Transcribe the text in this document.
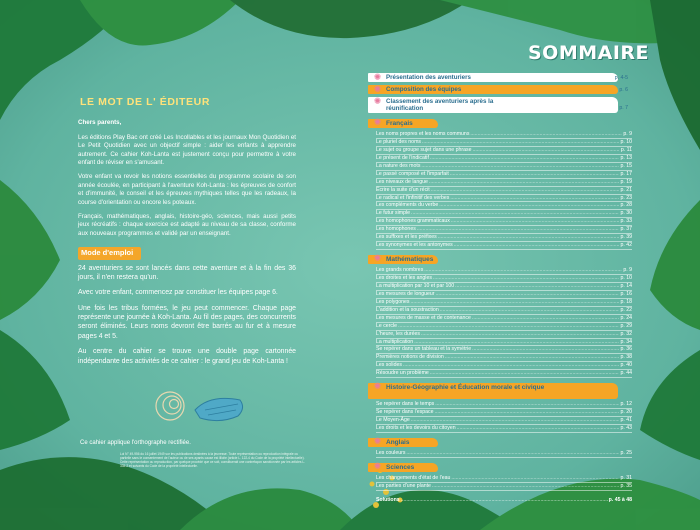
LE MOT DE L' ÉDITEUR

Chers parents,

Les éditions Play Bac ont créé Les Incollables et les journaux Mon Quotidien et Le Petit Quotidien avec un objectif simple : aider les enfants à apprendre autrement. Ce cahier Koh-Lanta est justement conçu pour permettre à votre enfant de réviser en s'amusant.

Votre enfant va revoir les notions essentielles du programme scolaire de son année écoulée, en participant à l'aventure Koh-Lanta : les épreuves de confort et d'immunité, le conseil et les épreuves mythiques telles que les radeaux, la course d'orientation ou encore les poteaux.

Français, mathématiques, anglais, histoire-géo, sciences, mais aussi petits jeux récréatifs : chaque exercice est adapté au niveau de sa classe, conforme aux nouveaux programmes et validé par un enseignant.

Mode d'emploi

24 aventuriers se sont lancés dans cette aventure et à la fin des 36 jours, il n'en restera qu'un.

Avec votre enfant, commencez par constituer les équipes page 6.

Une fois les tribus formées, le jeu peut commencer. Chaque page représente une journée à Koh-Lanta. Au fil des pages, des concurrents seront éliminés. Leurs noms devront être barrés au fur et à mesure pages 4 et 5.

Au centre du cahier se trouve une double page cartonnée indépendante des activités de ce cahier : le grand jeu de Koh-Lanta !

Ce cahier applique l'orthographe rectifiée.
Loi N° 49-956 du 16 juillet 1949 sur les publications destinées à la jeunesse. Toute représentation ou reproduction intégrale ou partielle sans le consentement de l'auteur ou de ses ayants cause est illicite (article L. 122-4 du Code de la propriété intellectuelle). Cette représentation ou reproduction, par quelque procédé que ce soit, constituerait une contrefaçon sanctionnée par les articles L. 335-2 et suivants du Code de la propriété intellectuelle.
SOMMAIRE
✺ Présentation des aventuriers	p. 4-5
✺ Composition des équipes	p. 6
✺ Classement des aventuriers après la réunification	p. 7
✺ Français
Les noms propres et les noms communs .....	p. 9
Le pluriel des noms .....	p. 10
Le sujet ou groupe sujet dans une phrase .....	p. 11
Le présent de l'indicatif .....	p. 13
La nature des mots .....	p. 15
Le passé composé et l'imparfait .....	p. 17
Les niveaux de langue .....	p. 19
Écrire la suite d'un récit .....	p. 21
Le radical et l'infinitif des verbes .....	p. 23
Les compléments du verbe .....	p. 28
Le futur simple .....	p. 30
Les homophones grammaticaux .....	p. 33
Les homophones .....	p. 37
Les suffixes et les préfixes .....	p. 39
Les synonymes et les antonymes .....	p. 42
✺ Mathématiques
Les grands nombres .....	p. 9
Les droites et les angles .....	p. 10
La multiplication par 10 et par 100 .....	p. 14
Les mesures de longueur .....	p. 16
Les polygones .....	p. 18
L'addition et la soustraction .....	p. 22
Les mesures de masse et de contenance .....	p. 24
Le cercle .....	p. 29
L'heure, les durées .....	p. 32
La multiplication .....	p. 34
Se repérer dans un tableau et la symétrie .....	p. 36
Premières notions de division .....	p. 38
Les solides .....	p. 40
Résoudre un problème .....	p. 44
✺ Histoire-Géographie et Éducation morale et civique
Se repérer dans le temps .....	p. 12
Se repérer dans l'espace .....	p. 20
Le Moyen-Âge .....	p. 41
Les droits et les devoirs du citoyen .....	p. 43
✺ Anglais
Les couleurs .....	p. 25
✺ Sciences
Les changements d'état de l'eau .....	p. 31
Les parties d'une plante .....	p. 35
Solutions .....	p. 45 à 48
